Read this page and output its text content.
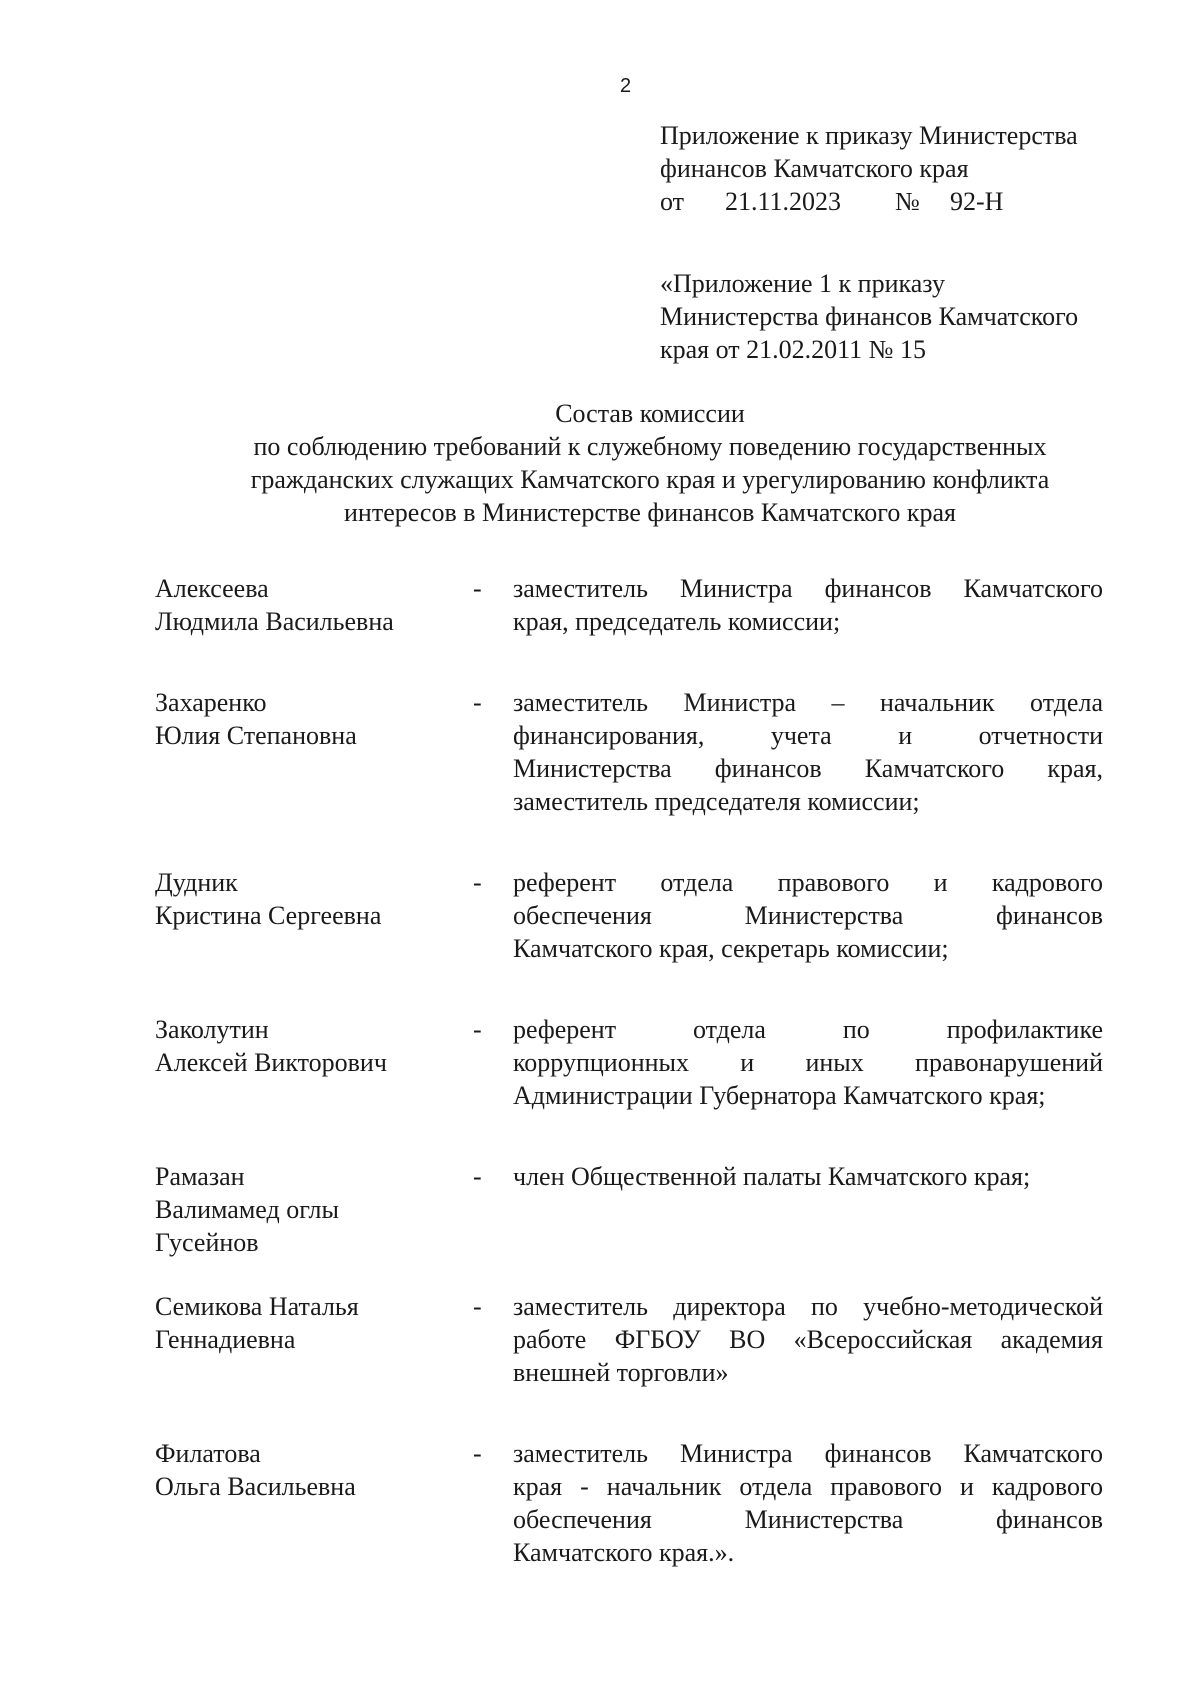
2
Приложение к приказу Министерства
финансов Камчатского края
от	21.11.2023	№	92-Н
«Приложение 1 к приказу
Министерства финансов Камчатского
края от 21.02.2011 № 15
Состав комиссии
по соблюдению требований к служебному поведению государственных
гражданских служащих Камчатского края и урегулированию конфликта
интересов в Министерстве финансов Камчатского края
Алексеева
Людмила Васильевна
-	заместитель Министра финансов Камчатского
края, председатель комиссии;
Захаренко
Юлия Степановна
-	заместитель Министра – начальник отдела
финансирования, учета и отчетности
Министерства финансов Камчатского края,
заместитель председателя комиссии;
Дудник
Кристина Сергеевна
-	референт отдела правового и кадрового
обеспечения Министерства финансов
Камчатского края, секретарь комиссии;
Заколутин
Алексей Викторович
-	референт отдела по профилактике
коррупционных и иных правонарушений
Администрации Губернатора Камчатского края;
Рамазан
Валимамед оглы
Гусейнов
-	член Общественной палаты Камчатского края;
Семикова Наталья
Геннадиевна
-	заместитель директора по учебно-методической
работе ФГБОУ ВО «Всероссийская академия
внешней торговли»
Филатова
Ольга Васильевна
-	заместитель Министра финансов Камчатского
края - начальник отдела правового и кадрового
обеспечения Министерства финансов
Камчатского края.».
